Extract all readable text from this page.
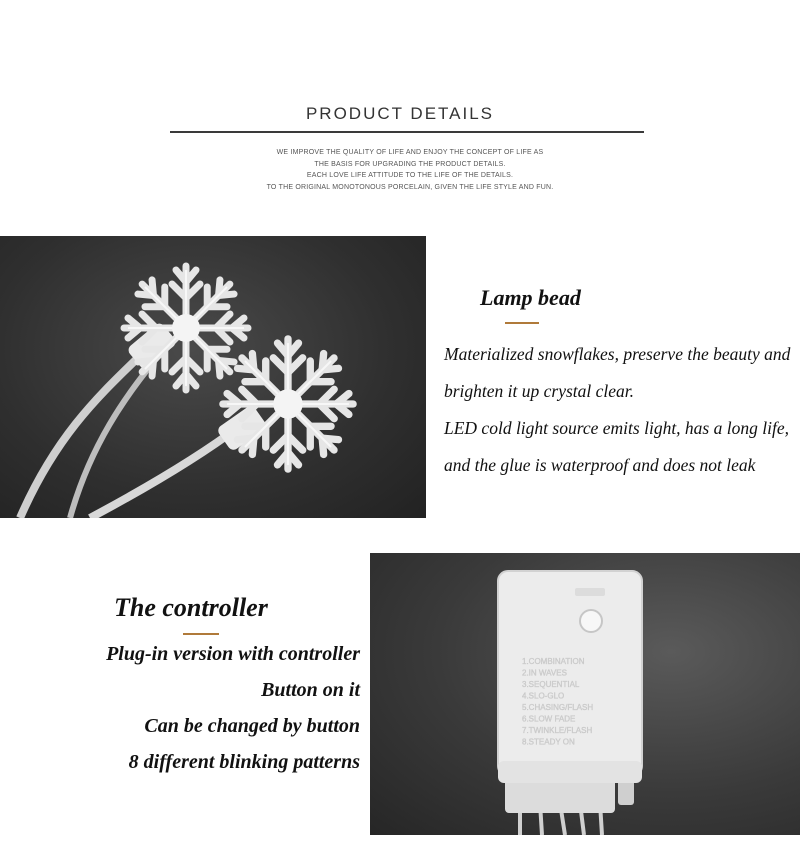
PRODUCT DETAILS
WE IMPROVE THE QUALITY OF LIFE AND ENJOY THE CONCEPT OF LIFE AS
THE BASIS FOR UPGRADING THE PRODUCT DETAILS.
EACH LOVE LIFE ATTITUDE TO THE LIFE OF THE DETAILS.
TO THE ORIGINAL MONOTONOUS PORCELAIN, GIVEN THE LIFE STYLE AND FUN.
Lamp bead
Materialized snowflakes, preserve the beauty and
brighten it up crystal clear.
LED cold light source emits light, has a long life,
and the glue is waterproof and does not leak
The controller
Plug-in version with controller
Button on it
Can be changed by button
8 different blinking patterns
1.COMBINATION
2.IN WAVES
3.SEQUENTIAL
4.SLO-GLO
5.CHASING/FLASH
6.SLOW FADE
7.TWINKLE/FLASH
8.STEADY ON
